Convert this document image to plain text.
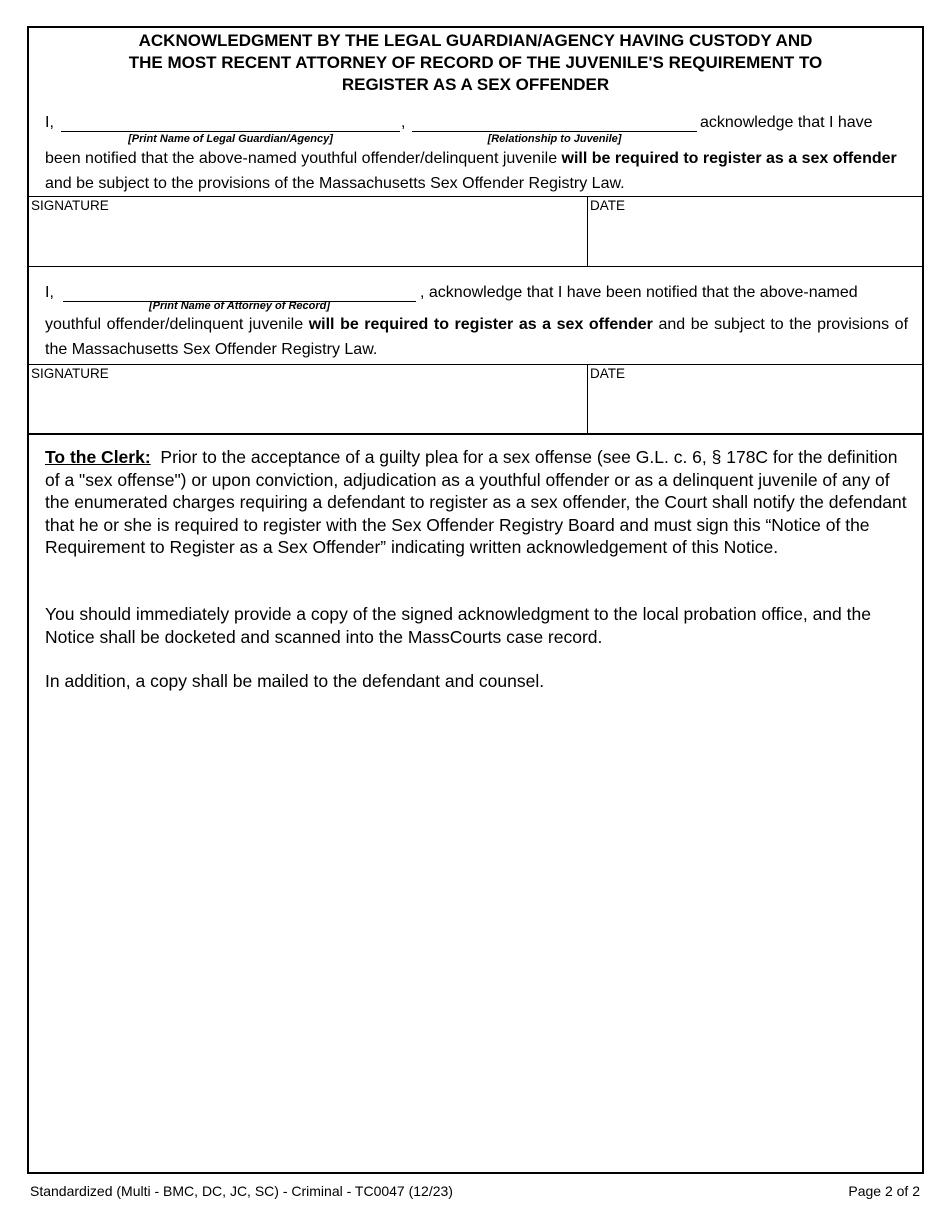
ACKNOWLEDGMENT BY THE LEGAL GUARDIAN/AGENCY HAVING CUSTODY AND
THE MOST RECENT ATTORNEY OF RECORD OF THE JUVENILE'S REQUIREMENT TO
REGISTER AS A SEX OFFENDER
I,
[Print Name of Legal Guardian/Agency]
,
[Relationship to Juvenile]
acknowledge that I have
been notified that the above-named youthful offender/delinquent juvenile will be required to register as a sex offender and be subject to the provisions of the Massachusetts Sex Offender Registry Law.
SIGNATURE	DATE
I,
[Print Name of Attorney of Record]
, acknowledge that I have been notified that the above-named
youthful offender/delinquent juvenile will be required to register as a sex offender and be subject to the provisions of the Massachusetts Sex Offender Registry Law.
SIGNATURE	DATE
To the Clerk: Prior to the acceptance of a guilty plea for a sex offense (see G.L. c. 6, § 178C for the definition of a "sex offense") or upon conviction, adjudication as a youthful offender or as a delinquent juvenile of any of the enumerated charges requiring a defendant to register as a sex offender, the Court shall notify the defendant that he or she is required to register with the Sex Offender Registry Board and must sign this “Notice of the Requirement to Register as a Sex Offender” indicating written acknowledgement of this Notice.
You should immediately provide a copy of the signed acknowledgment to the local probation office, and the Notice shall be docketed and scanned into the MassCourts case record.
In addition, a copy shall be mailed to the defendant and counsel.
Standardized (Multi - BMC, DC, JC, SC) - Criminal - TC0047 (12/23)	Page 2 of 2
